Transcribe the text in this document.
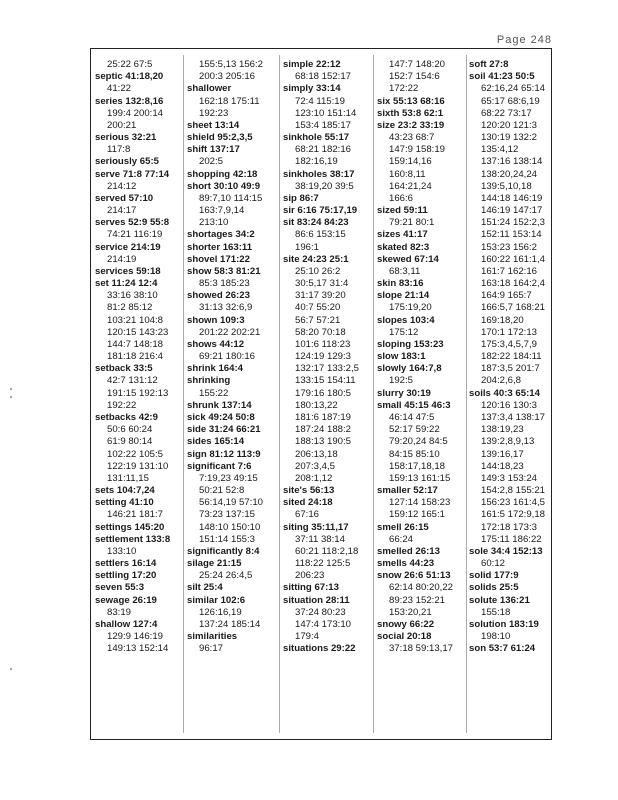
Page 248
25:22 67:5
septic 41:18,20
41:22
series 132:8,16
199:4 200:14
200:21
serious 32:21
117:8
seriously 65:5
serve 71:8 77:14
214:12
served 57:10
214:17
serves 52:9 55:8
74:21 116:19
service 214:19
214:19
services 59:18
set 11:24 12:4
33:16 38:10
81:2 85:12
103:21 104:8
120:15 143:23
144:7 148:18
181:18 216:4
setback 33:5
42:7 131:12
191:15 192:13
192:22
setbacks 42:9
50:6 60:24
61:9 80:14
102:22 105:5
122:19 131:10
131:11,15
sets 104:7,24
setting 41:10
146:21 181:7
settings 145:20
settlement 133:8
133:10
settlers 16:14
settling 17:20
seven 55:3
sewage 26:19
83:19
shallow 127:4
129:9 146:19
149:13 152:14
155:5,13 156:2
200:3 205:16
shallower
162:18 175:11
192:23
sheet 13:14
shield 95:2,3,5
shift 137:17
202:5
shopping 42:18
short 30:10 49:9
89:7,10 114:15
163:7,9,14
213:10
shortages 34:2
shorter 163:11
shovel 171:22
show 58:3 81:21
85:3 185:23
showed 26:23
31:13 32:6,9
shown 109:3
201:22 202:21
shows 44:12
69:21 180:16
shrink 164:4
shrinking
155:22
shrunk 137:14
sick 49:24 50:8
side 31:24 66:21
sides 165:14
sign 81:12 113:9
significant 7:6
7:19,23 49:15
50:21 52:8
56:14,19 57:10
73:23 137:15
148:10 150:10
151:14 155:3
significantly 8:4
silage 21:15
25:24 26:4,5
silt 25:4
similar 102:6
126:16,19
137:24 185:14
similarities
96:17
simple 22:12
68:18 152:17
simply 33:14
72:4 115:19
123:10 151:14
153:4 185:17
sinkhole 55:17
68:21 182:16
182:16,19
sinkholes 38:17
38:19,20 39:5
sip 86:7
sir 6:16 75:17,19
sit 83:24 84:23
86:6 153:15
196:1
site 24:23 25:1
25:10 26:2
30:5,17 31:4
31:17 39:20
40:7 55:20
56:7 57:21
58:20 70:18
101:6 118:23
124:19 129:3
132:17 133:2,5
133:15 154:11
179:16 180:5
180:13,22
181:6 187:19
187:24 188:2
188:13 190:5
206:13,18
207:3,4,5
208:1,12
site's 56:13
sited 24:18
67:16
siting 35:11,17
37:11 38:14
60:21 118:2,18
118:22 125:5
206:23
sitting 67:13
situation 28:11
37:24 80:23
147:4 173:10
179:4
situations 29:22
147:7 148:20
152:7 154:6
172:22
six 55:13 68:16
sixth 53:8 62:1
size 23:2 33:19
43:23 68:7
147:9 158:19
159:14,16
160:8,11
164:21,24
166:6
sized 59:11
79:21 80:1
sizes 41:17
skated 82:3
skewed 67:14
68:3,11
skin 83:16
slope 21:14
175:19,20
slopes 103:4
175:12
sloping 153:23
slow 183:1
slowly 164:7,8
192:5
slurry 30:19
small 45:15 46:3
46:14 47:5
52:17 59:22
79:20,24 84:5
84:15 85:10
158:17,18,18
159:13 161:15
smaller 52:17
127:14 158:23
159:12 165:1
smell 26:15
66:24
smelled 26:13
smells 44:23
snow 26:6 51:13
62:14 80:20,22
89:23 152:21
153:20,21
snowy 66:22
social 20:18
37:18 59:13,17
soft 27:8
soil 41:23 50:5
62:16,24 65:14
65:17 68:6,19
68:22 73:17
120:20 121:3
130:19 132:2
135:4,12
137:16 138:14
138:20,24,24
139:5,10,18
144:18 146:19
146:19 147:17
151:24 152:2,3
152:11 153:14
153:23 156:2
160:22 161:1,4
161:7 162:16
163:18 164:2,4
164:9 165:7
166:5,7 168:21
169:18,20
170:1 172:13
175:3,4,5,7,9
182:22 184:11
187:3,5 201:7
204:2,6,8
soils 40:3 65:14
120:16 130:3
137:3,4 138:17
138:19,23
139:2,8,9,13
139:16,17
144:18,23
149:3 153:24
154:2,8 155:21
156:23 161:4,5
161:5 172:9,18
172:18 173:3
175:11 186:22
sole 34:4 152:13
60:12
solid 177:9
solids 25:5
solute 136:21
155:18
solution 183:19
198:10
son 53:7 61:24
